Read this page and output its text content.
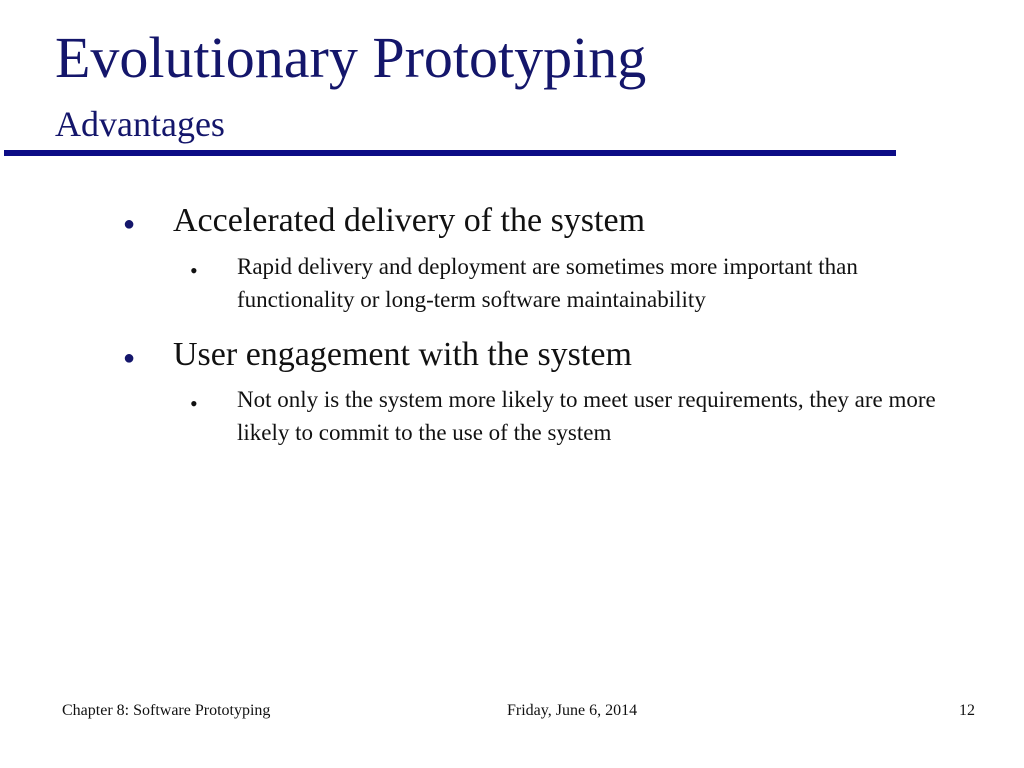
Evolutionary Prototyping
Advantages
● Accelerated delivery of the system
• Rapid delivery and deployment are sometimes more important than functionality or long-term software maintainability
● User engagement with the system
• Not only is the system more likely to meet user requirements, they are more likely to commit to the use of the system
Chapter 8: Software Prototyping	Friday, June 6, 2014	12
